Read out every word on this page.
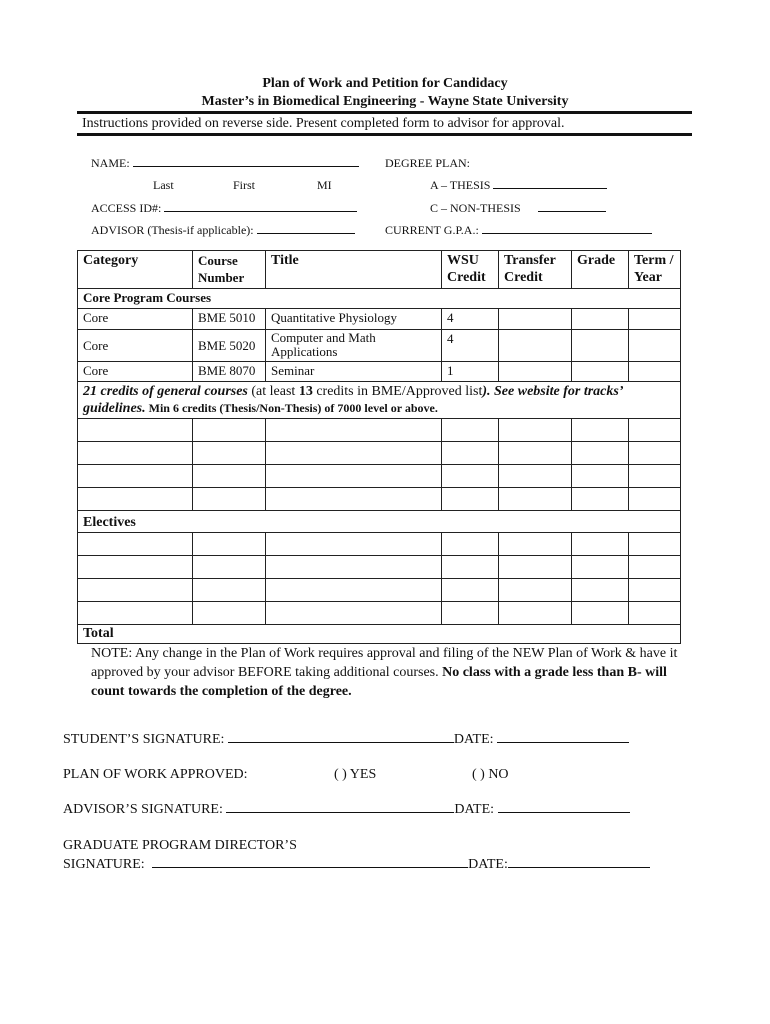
Plan of Work and Petition for Candidacy
Master’s in Biomedical Engineering - Wayne State University
Instructions provided on reverse side. Present completed form to advisor for approval.
NAME:
Last	First	MI
DEGREE PLAN:
A – THESIS
ACCESS ID#:	C – NON-THESIS
ADVISOR (Thesis-if applicable):	CURRENT G.P.A.:
Category	Course Number	Title	WSU Credit	Transfer Credit	Grade	Term / Year
Core Program Courses						
Core	BME 5010	Quantitative Physiology	4			
Core	BME 5020	Computer and Math Applications	4			
Core	BME 8070	Seminar	1			
21 credits of general courses (at least 13 credits in BME/Approved list). See website for tracks’ guidelines. Min 6 credits (Thesis/Non-Thesis) of 7000 level or above.						

Electives						

Total						
NOTE: Any change in the Plan of Work requires approval and filing of the NEW Plan of Work & have it approved by your advisor BEFORE taking additional courses. No class with a grade less than B- will count towards the completion of the degree.
STUDENT’S SIGNATURE:	DATE:
PLAN OF WORK APPROVED:	( ) YES	( ) NO
ADVISOR’S SIGNATURE:	DATE:
GRADUATE PROGRAM DIRECTOR’S
SIGNATURE:	DATE:
